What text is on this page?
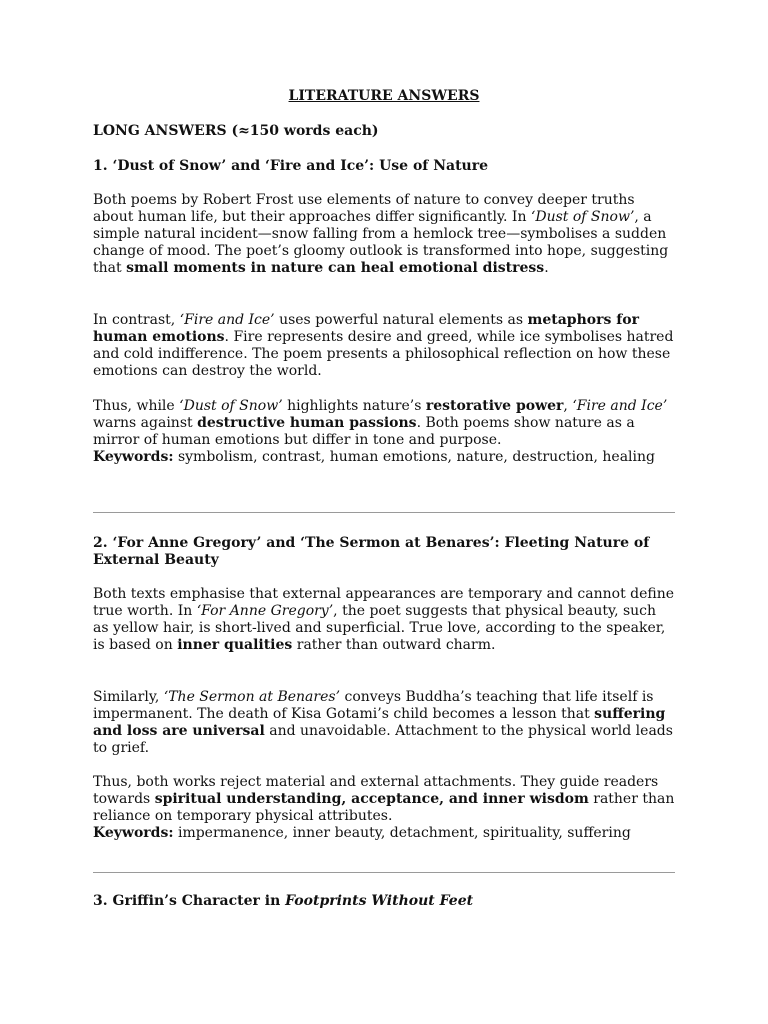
LITERATURE ANSWERS
LONG ANSWERS (≈150 words each)
1. ‘Dust of Snow’ and ‘Fire and Ice’: Use of Nature

Both poems by Robert Frost use elements of nature to convey deeper truths about human life, but their approaches differ significantly. In ‘Dust of Snow’, a simple natural incident—snow falling from a hemlock tree—symbolises a sudden change of mood. The poet’s gloomy outlook is transformed into hope, suggesting that small moments in nature can heal emotional distress.

In contrast, ‘Fire and Ice’ uses powerful natural elements as metaphors for human emotions. Fire represents desire and greed, while ice symbolises hatred and cold indifference. The poem presents a philosophical reflection on how these emotions can destroy the world.

Thus, while ‘Dust of Snow’ highlights nature’s restorative power, ‘Fire and Ice’ warns against destructive human passions. Both poems show nature as a mirror of human emotions but differ in tone and purpose.
Keywords: symbolism, contrast, human emotions, nature, destruction, healing

2. ‘For Anne Gregory’ and ‘The Sermon at Benares’: Fleeting Nature of External Beauty

Both texts emphasise that external appearances are temporary and cannot define true worth. In ‘For Anne Gregory’, the poet suggests that physical beauty, such as yellow hair, is short-lived and superficial. True love, according to the speaker, is based on inner qualities rather than outward charm.

Similarly, ‘The Sermon at Benares’ conveys Buddha’s teaching that life itself is impermanent. The death of Kisa Gotami’s child becomes a lesson that suffering and loss are universal and unavoidable. Attachment to the physical world leads to grief.

Thus, both works reject material and external attachments. They guide readers towards spiritual understanding, acceptance, and inner wisdom rather than reliance on temporary physical attributes.
Keywords: impermanence, inner beauty, detachment, spirituality, suffering

3. Griffin’s Character in Footprints Without Feet
